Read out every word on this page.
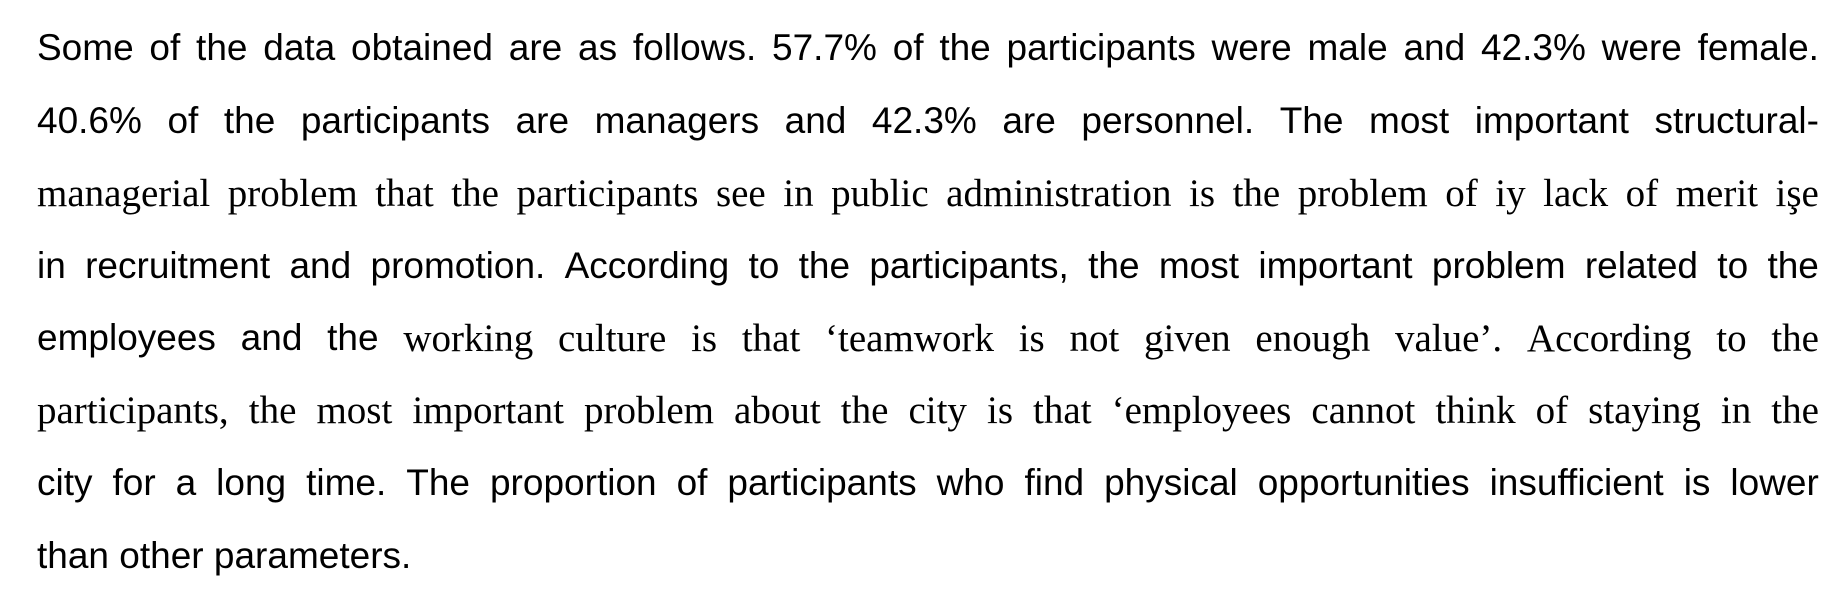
Some of the data obtained are as follows. 57.7% of the participants were male and 42.3% were female.
40.6% of the participants are managers and 42.3% are personnel. The most important structural-
managerial problem that the participants see in public administration is the problem of iy lack of merit işe
in recruitment and promotion. According to the participants, the most important problem related to the
employees and the working culture is that ‘teamwork is not given enough value’. According to the
participants, the most important problem about the city is that ‘employees cannot think of staying in the
city for a long time. The proportion of participants who find physical opportunities insufficient is lower
than other parameters.
